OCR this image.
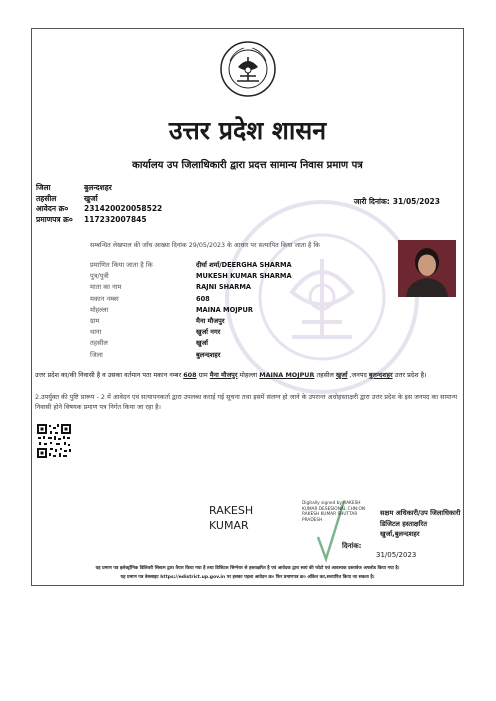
उत्तर प्रदेश शासन
कार्यालय उप जिलाधिकारी द्वारा प्रदत्त सामान्य निवास प्रमाण पत्र
जिला	बुलन्दशहर
तहसील	खुर्जा
आवेदन क्र०	231420020058522
प्रमाणपत्र क्र०	117232007845
जारी दिनांक: 31/05/2023
सम्बन्धित लेखपाल की जाँच आख्या दिनांक 29/05/2023 के आधार पर सत्यापित किया जाता है कि
प्रमाणित किया जाता है कि	दीर्घा शर्मा/DEERGHA SHARMA
पुत्र/पुत्री	MUKESH KUMAR SHARMA
माता का नाम	RAJNI SHARMA
मकान नम्बर	608
मोहल्ला	MAINA MOJPUR
ग्राम	मैना मौजपुर
थाना	खुर्जा नगर
तहसील	खुर्जा
जिला	बुलन्दशहर
उत्तर प्रदेश का/की निवासी है व उसका वर्तमान पता मकान नम्बर 608 ग्राम मैना मौजपुर मोहल्ला MAINA MOJPUR तहसील खुर्जा ,जनपद बुलन्दशहर उत्तर प्रदेश है।
2.उपर्युक्त की पुष्टि प्रारूप - 2 में आवेदन एवं सत्यापनकर्ता द्वारा उपलब्ध कराई गई सूचना तथा इसमें संलग्न हो जाने के उपरान्त अधोहस्ताक्षरी द्वारा उत्तर प्रदेश के इस जनपद का सामान्य निवासी होने विषयक प्रमाण पत्र निर्गत किया जा रहा है।
RAKESH
KUMAR
Digitally signed by RAKESH KUMAR DESESIONAL CHN:ON RAKESH KUMAR SHUTTAR PRADESH
सक्षम अधिकारी/उप जिलाधिकारी
डिजिटल हस्ताक्षरित
खुर्जा,बुलन्दशहर
दिनांक:
31/05/2023
यह प्रमाण पत्र इलेक्ट्रॉनिक डिलिवरी सिस्टम द्वारा तैयार किया गया है तथा डिजिटल सिग्नेचर से हस्ताक्षरित है एवं आवेदक द्वारा स्वयं की फोटो एवं आवश्यक दस्तावेज अपलोड किया गया है।
यह प्रमाण पत्र वेबसाइट https://edistrict.up.gov.in पर इसका पहला आवेदन क्र० फिर प्रमाणपत्र क्र० अंकित कर,सत्यापित किया जा सकता है।
